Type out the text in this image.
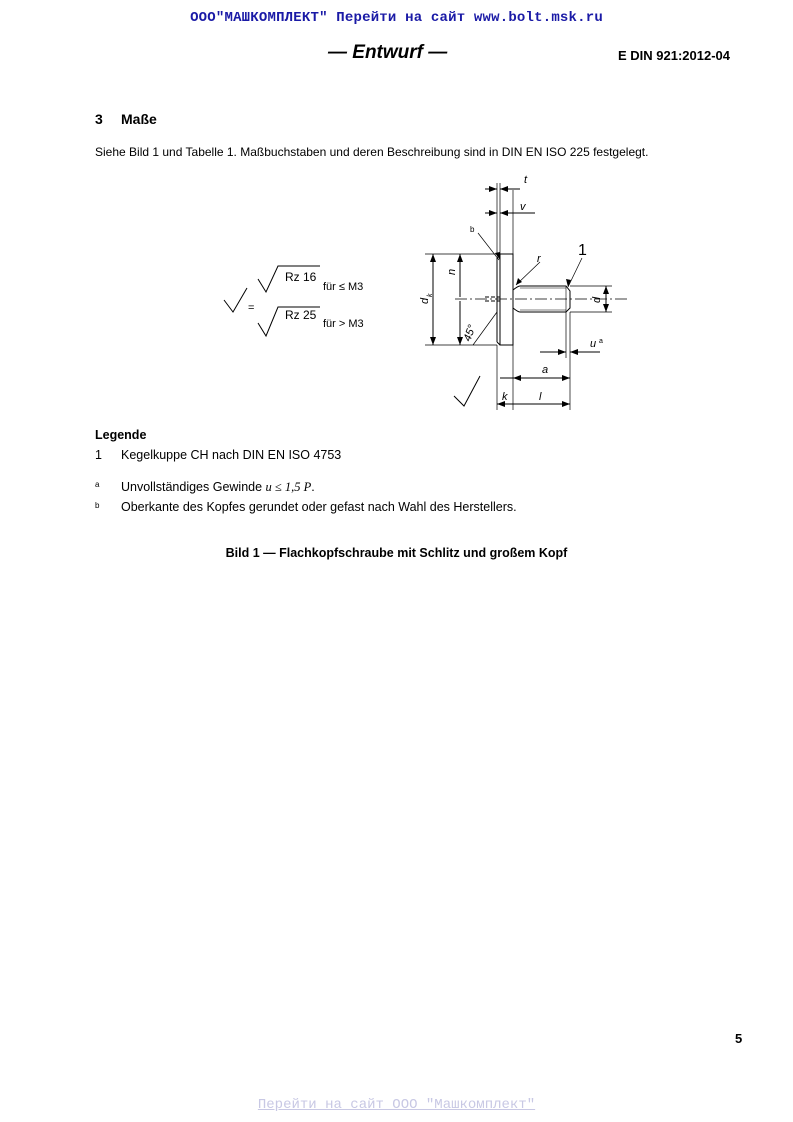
ООО"МАШКОМПЛЕКТ" Перейти на сайт www.bolt.msk.ru
— Entwurf —	E DIN 921:2012-04
3 Maße
Siehe Bild 1 und Tabelle 1. Maßbuchstaben und deren Beschreibung sind in DIN EN ISO 225 festgelegt.
Rz 16
für ≤ M3
=	Rz 25
für > M3
t
v
b
1
r
n
d
k
d
45°
u a
a
k	l
Legende
1 Kegelkuppe CH nach DIN EN ISO 4753
a Unvollständiges Gewinde u ≤ 1,5 P.
b Oberkante des Kopfes gerundet oder gefast nach Wahl des Herstellers.
Bild 1 — Flachkopfschraube mit Schlitz und großem Kopf
5
Перейти на сайт ООО "Машкомплект"
